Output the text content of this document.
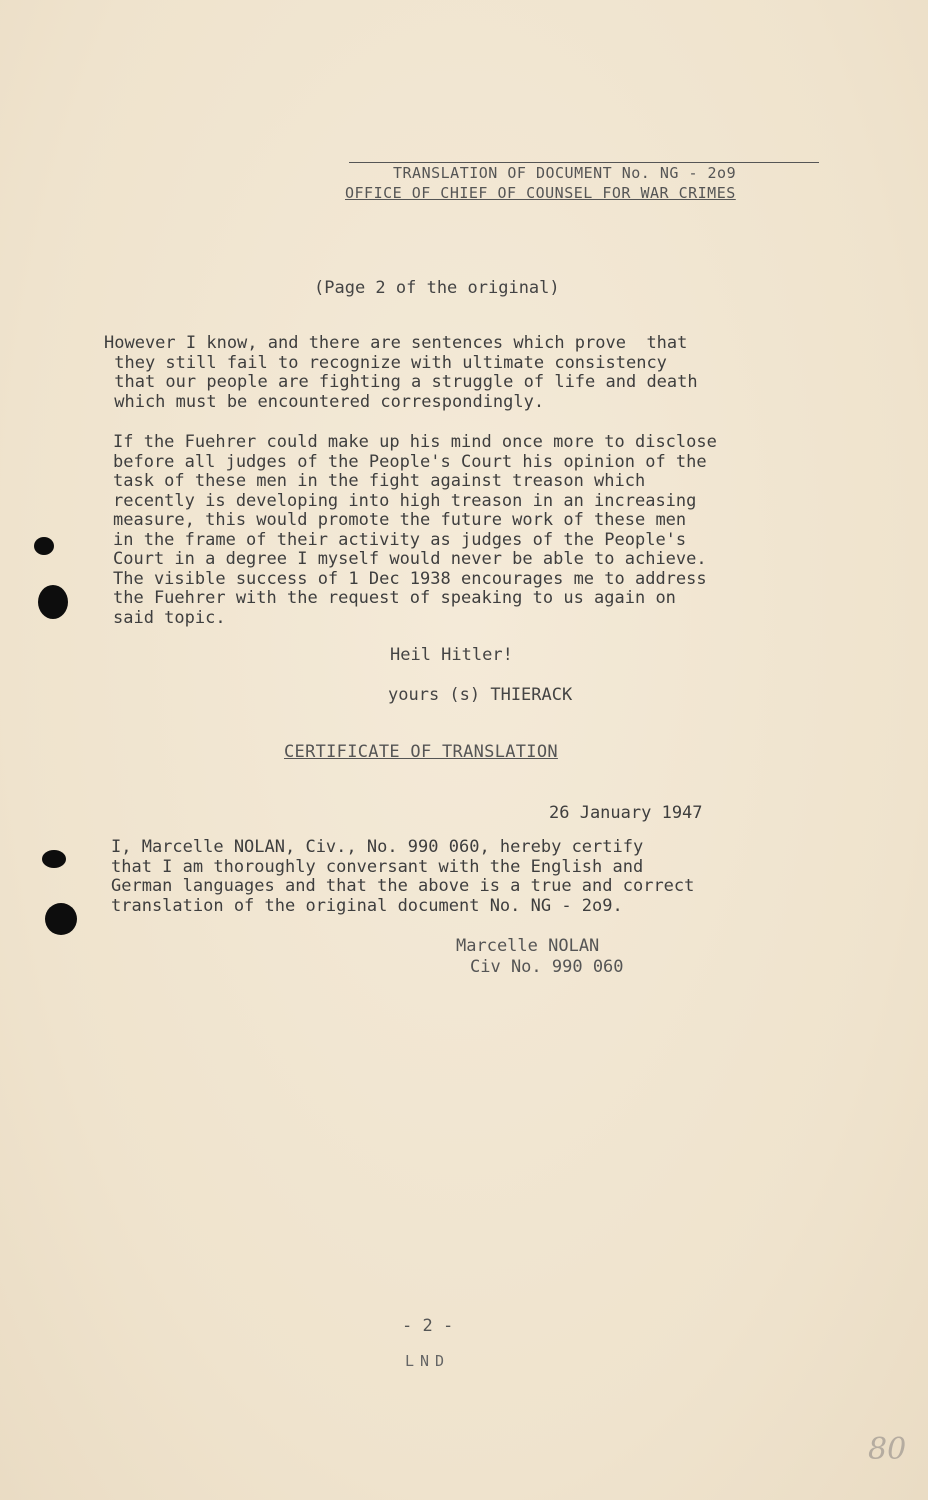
TRANSLATION OF DOCUMENT No. NG - 2o9
OFFICE OF CHIEF OF COUNSEL FOR WAR CRIMES
(Page 2 of the original)
However I know, and there are sentences which prove  that
they still fail to recognize with ultimate consistency
that our people are fighting a struggle of life and death
which must be encountered correspondingly.
If the Fuehrer could make up his mind once more to disclose
before all judges of the People's Court his opinion of the
task of these men in the fight against treason which
recently is developing into high treason in an increasing
measure, this would promote the future work of these men
in the frame of their activity as judges of the People's
Court in a degree I myself would never be able to achieve.
The visible success of 1 Dec 1938 encourages me to address
the Fuehrer with the request of speaking to us again on
said topic.
Heil Hitler!
yours (s) THIERACK
CERTIFICATE OF TRANSLATION
26 January 1947
I, Marcelle NOLAN, Civ., No. 990 060, hereby certify
that I am thoroughly conversant with the English and
German languages and that the above is a true and correct
translation of the original document No. NG - 2o9.
Marcelle NOLAN
Civ No. 990 060
- 2 -
LND
80
